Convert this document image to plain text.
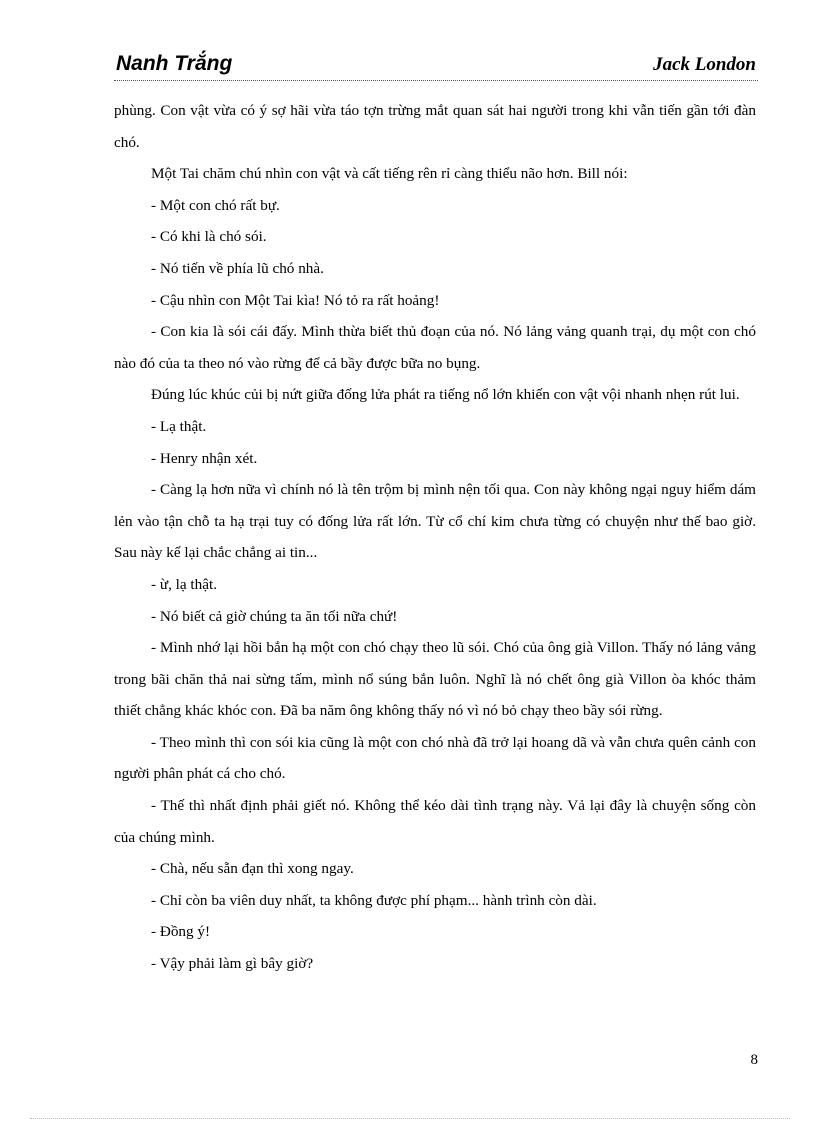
Nanh Trắng	Jack London

phùng. Con vật vừa có ý sợ hãi vừa táo tợn trừng mắt quan sát hai người trong khi vẫn tiến gần tới đàn chó.

Một Tai chăm chú nhìn con vật và cất tiếng rên rỉ càng thiểu não hơn. Bill nói:

- Một con chó rất bự.

- Có khi là chó sói.

- Nó tiến về phía lũ chó nhà.

- Cậu nhìn con Một Tai kìa! Nó tỏ ra rất hoảng!

- Con kia là sói cái đấy. Mình thừa biết thủ đoạn của nó. Nó lảng vảng quanh trại, dụ một con chó nào đó của ta theo nó vào rừng để cả bầy được bữa no bụng.

Đúng lúc khúc củi bị nứt giữa đống lửa phát ra tiếng nổ lớn khiến con vật vội nhanh nhẹn rút lui.

- Lạ thật.

- Henry nhận xét.

- Càng lạ hơn nữa vì chính nó là tên trộm bị mình nện tối qua. Con này không ngại nguy hiểm dám lẻn vào tận chỗ ta hạ trại tuy có đống lửa rất lớn. Từ cổ chí kim chưa từng có chuyện như thế bao giờ. Sau này kể lại chắc chẳng ai tin...

- ừ, lạ thật.

- Nó biết cả giờ chúng ta ăn tối nữa chứ!

- Mình nhớ lại hồi bắn hạ một con chó chạy theo lũ sói. Chó của ông già Villon. Thấy nó lảng vảng trong bãi chăn thả nai sừng tấm, mình nổ súng bắn luôn. Nghĩ là nó chết ông già Villon òa khóc thảm thiết chẳng khác khóc con. Đã ba năm ông không thấy nó vì nó bỏ chạy theo bầy sói rừng.

- Theo mình thì con sói kia cũng là một con chó nhà đã trở lại hoang dã và vẫn chưa quên cảnh con người phân phát cá cho chó.

- Thế thì nhất định phải giết nó. Không thể kéo dài tình trạng này. Vả lại đây là chuyện sống còn của chúng mình.

- Chà, nếu sẵn đạn thì xong ngay.

- Chỉ còn ba viên duy nhất, ta không được phí phạm... hành trình còn dài.

- Đồng ý!

- Vậy phải làm gì bây giờ?

8
